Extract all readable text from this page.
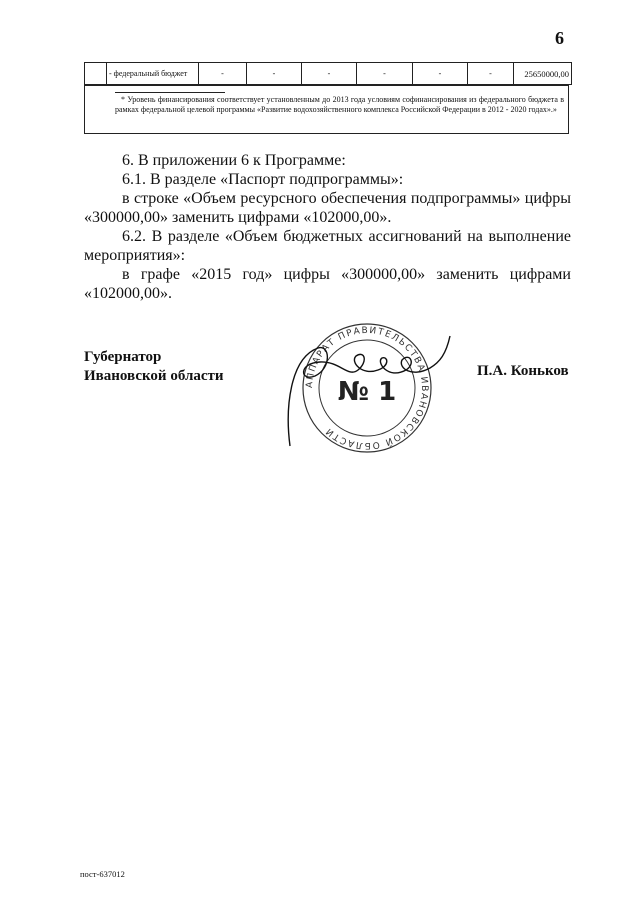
6
	- федеральный бюджет	-	-	-	-	-	-	25650000,00
* Уровень финансирования соответствует установленным до 2013 года условиям софинансирования из федерального бюджета в рамках федеральной целевой программы «Развитие водохозяйственного комплекса Российской Федерации в 2012 - 2020 годах».»

6. В приложении 6 к Программе:

6.1. В разделе «Паспорт подпрограммы»:

в строке «Объем ресурсного обеспечения подпрограммы» цифры «300000,00» заменить цифрами «102000,00».

6.2. В разделе «Объем бюджетных ассигнований на выполнение мероприятия»:

в графе «2015 год» цифры «300000,00» заменить цифрами «102000,00».

Губернатор
Ивановской области
АППАРАТ ПРАВИТЕЛЬСТВА ИВАНОВСКОЙ ОБЛАСТИ
№ 1
П.А. Коньков
пост-637012
